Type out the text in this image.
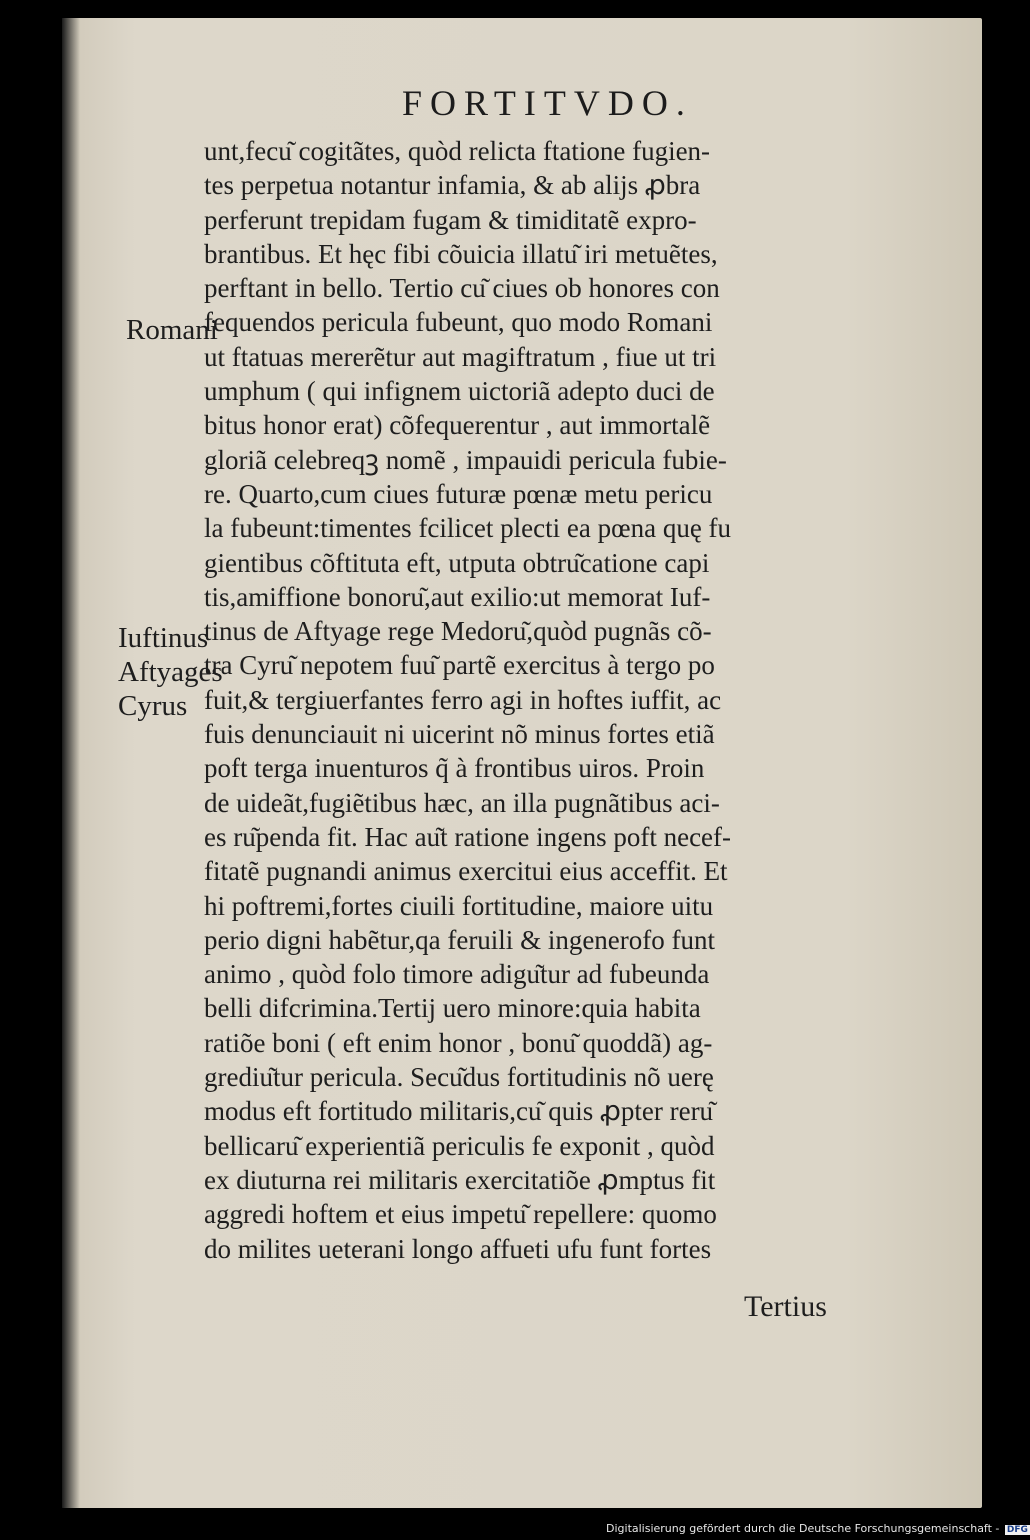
FORTITVDO.
unt,fecu͂ cogitãtes, quòd relicta ftatione fugien-
tes perpetua notantur infamia, & ab alijs ꝓbra
perferunt trepidam fugam & timiditatẽ expro-
brantibus. Et hęc fibi cõuicia illatu͂ iri metuẽtes,
perftant in bello. Tertio cu͂ ciues ob honores con
fequendos pericula fubeunt, quo modo Romani
ut ftatuas mererẽtur aut magiftratum , fiue ut tri
umphum ( qui infignem uictoriã adepto duci de
bitus honor erat) cõfequerentur , aut immortalẽ
gloriã celebreqꝫ nomẽ , impauidi pericula fubie-
re. Quarto,cum ciues futuræ pœnæ metu pericu
la fubeunt:timentes fcilicet plecti ea pœna quę fu
gientibus cõftituta eft, utputa obtru͂catione capi
tis,amiffione bonoru͂,aut exilio:ut memorat Iuf-
tinus de Aftyage rege Medoru͂,quòd pugnãs cõ-
tra Cyru͂ nepotem fuu͂ partẽ exercitus à tergo po
fuit,& tergiuerfantes ferro agi in hoftes iuffit, ac
fuis denunciauit ni uicerint nõ minus fortes etiã
poft terga inuenturos q̃ à frontibus uiros. Proin
de uideãt,fugiẽtibus hæc, an illa pugnãtibus aci-
es ru͂penda fit. Hac au͂t ratione ingens poft necef-
fitatẽ pugnandi animus exercitui eius acceffit. Et
hi poftremi,fortes ciuili fortitudine, maiore uitu
perio digni habẽtur,qa feruili & ingenerofo funt
animo , quòd folo timore adigu͂tur ad fubeunda
belli difcrimina.Tertij uero minore:quia habita
ratiõe boni ( eft enim honor , bonu͂ quoddã) ag-
grediu͂tur pericula. Secu͂dus fortitudinis nõ uerę
modus eft fortitudo militaris,cu͂ quis ꝓpter reru͂
bellicaru͂ experientiã periculis fe exponit , quòd
ex diuturna rei militaris exercitatiõe ꝓmptus fit
aggredi hoftem et eius impetu͂ repellere: quomo
do milites ueterani longo affueti ufu funt fortes
Romani
Iuftinus
Aftyages
Cyrus
Tertius
Digitalisierung gefördert durch die Deutsche Forschungsgemeinschaft - DFG
